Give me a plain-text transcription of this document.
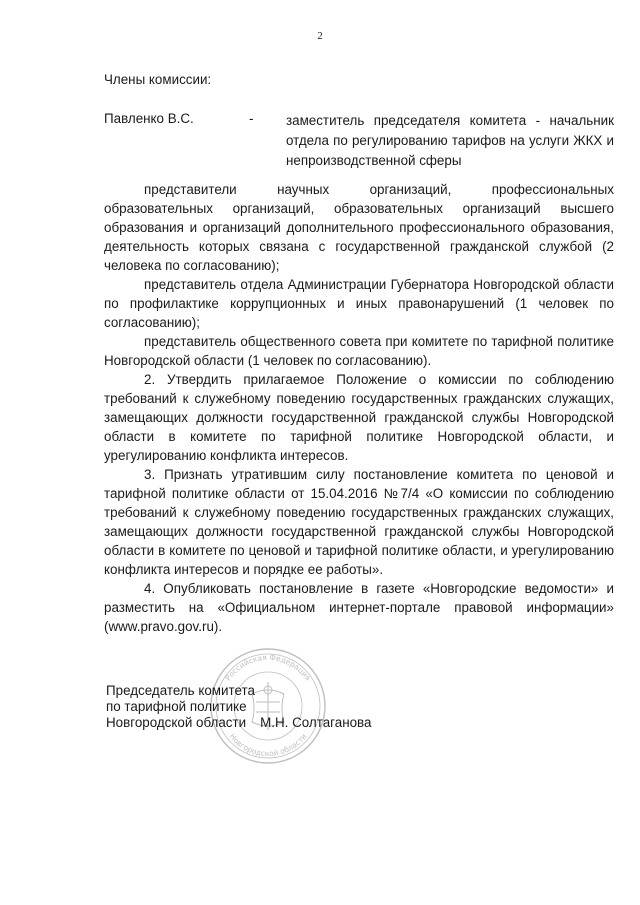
2
Члены комиссии:
Павленко В.С.	- заместитель председателя комитета - начальник отдела по регулированию тарифов на услуги ЖКХ и непроизводственной сферы

представители научных организаций, профессиональных образовательных организаций, образовательных организаций высшего образования и организаций дополнительного профессионального образования, деятельность которых связана с государственной гражданской службой (2 человека по согласованию);

представитель отдела Администрации Губернатора Новгородской области по профилактике коррупционных и иных правонарушений (1 человек по согласованию);

представитель общественного совета при комитете по тарифной политике Новгородской области (1 человек по согласованию).

2. Утвердить прилагаемое Положение о комиссии по соблюдению требований к служебному поведению государственных гражданских служащих, замещающих должности государственной гражданской службы Новгородской области в комитете по тарифной политике Новгородской области, и урегулированию конфликта интересов.

3. Признать утратившим силу постановление комитета по ценовой и тарифной политике области от 15.04.2016 №7/4 «О комиссии по соблюдению требований к служебному поведению государственных гражданских служащих, замещающих должности государственной гражданской службы Новгородской области в комитете по ценовой и тарифной политике области, и урегулированию конфликта интересов и порядке ее работы».

4. Опубликовать постановление в газете «Новгородские ведомости» и разместить на «Официальном интернет-портале правовой информации» (www.pravo.gov.ru).

Российская Федерация
Новгородской области
Председатель комитета
по тарифной политике
Новгородской области М.Н. Солтаганова
